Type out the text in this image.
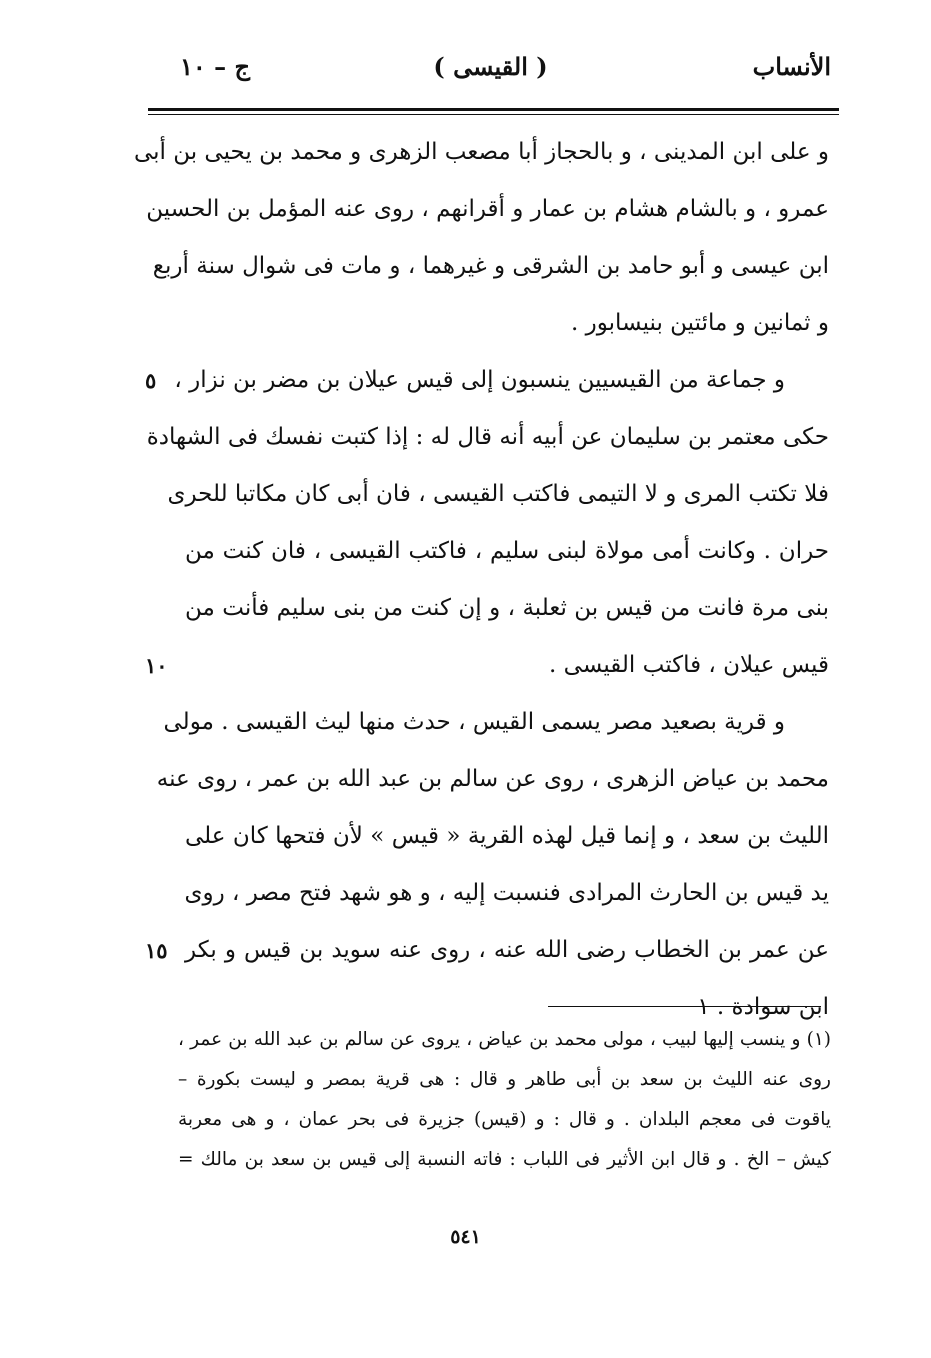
الأنساب
( القيسى )
ج – ١٠
و على ابن المدينى ، و بالحجاز أبا مصعب الزهرى و محمد بن يحيى بن أبى
عمرو ، و بالشام هشام بن عمار و أقرانهم ، روى عنه المؤمل بن الحسين
ابن عيسى و أبو حامد بن الشرقى و غيرهما ، و مات فى شوال سنة أربع
و ثمانين و مائتين بنيسابور .
و جماعة من القيسيين ينسبون إلى قيس عيلان بن مضر بن نزار ،
٥
حكى معتمر بن سليمان عن أبيه أنه قال له : إذا كتبت نفسك فى الشهادة
فلا تكتب المرى و لا التيمى فاكتب القيسى ، فان أبى كان مكاتبا للحرى
حران . وكانت أمى مولاة لبنى سليم ، فاكتب القيسى ، فان كنت من
بنى مرة فانت من قيس بن ثعلبة ، و إن كنت من بنى سليم فأنت من
قيس عيلان ، فاكتب القيسى .
١٠
و قرية بصعيد مصر يسمى القيس ، حدث منها ليث القيسى . مولى
محمد بن عياض الزهرى ، روى عن سالم بن عبد الله بن عمر ، روى عنه
الليث بن سعد ، و إنما قيل لهذه القرية « قيس » لأن فتحها كان على
يد قيس بن الحارث المرادى فنسبت إليه ، و هو شهد فتح مصر ، روى
عن عمر بن الخطاب رضى الله عنه ، روى عنه سويد بن قيس و بكر
١٥
ابن سوادة . ١
(١) و ينسب إليها لبيب ، مولى محمد بن عياض ، يروى عن سالم بن عبد الله بن عمر ،
روى عنه الليث بن سعد بن أبى طاهر و قال : هى قرية بمصر و ليست بكورة –
ياقوت فى معجم البلدان . و قال : و (قيس) جزيرة فى بحر عمان ، و هى معربة
كيش – الخ . و قال ابن الأثير فى اللباب : فاته النسبة إلى قيس بن سعد بن مالك =
٥٤١
